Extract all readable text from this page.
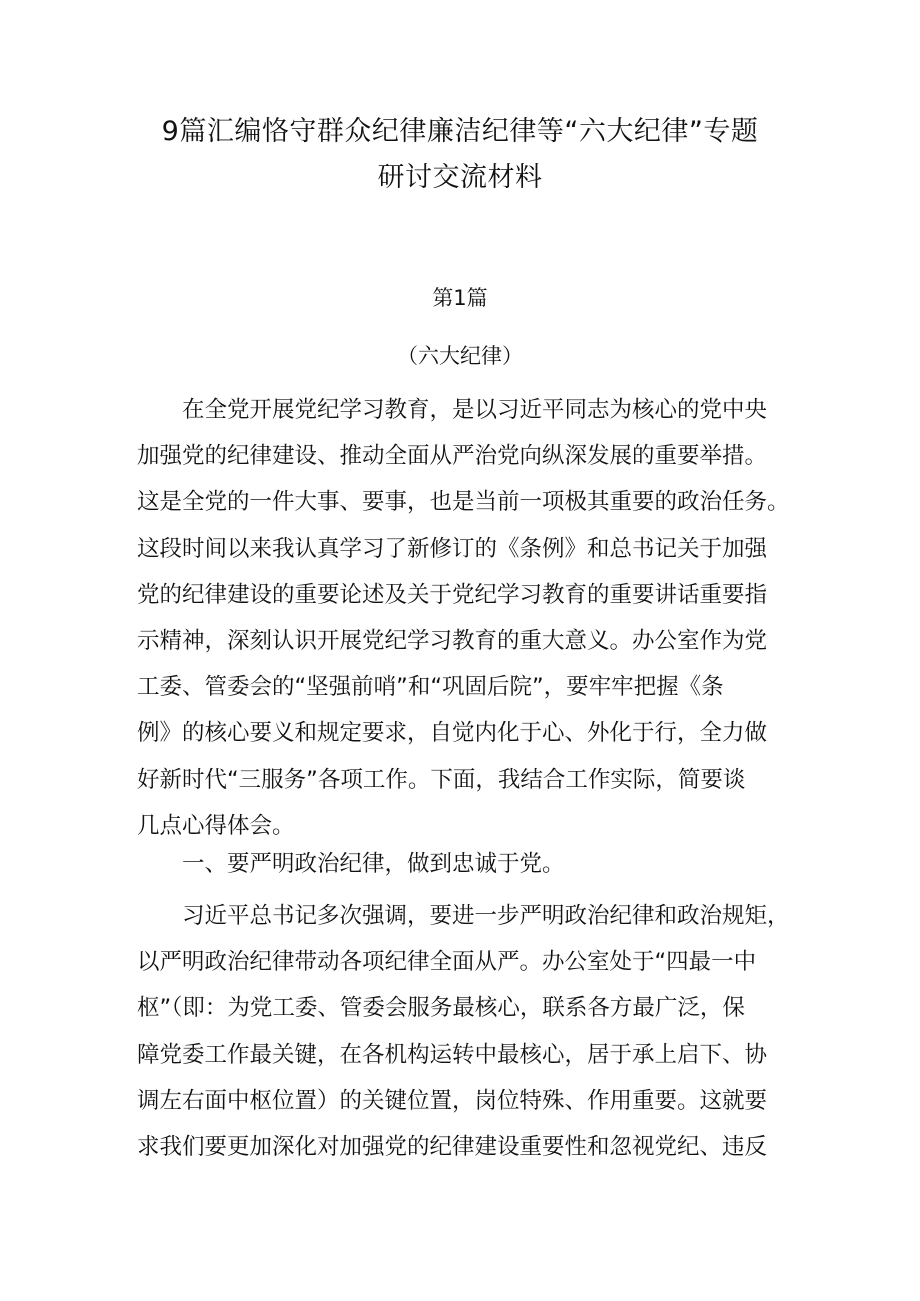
9篇汇编恪守群众纪律廉洁纪律等“六大纪律”专题
研讨交流材料
第1篇
（六大纪律）
在全党开展党纪学习教育，是以习近平同志为核心的党中央
加强党的纪律建设、推动全面从严治党向纵深发展的重要举措。
这是全党的一件大事、要事，也是当前一项极其重要的政治任务。
这段时间以来我认真学习了新修订的《条例》和总书记关于加强
党的纪律建设的重要论述及关于党纪学习教育的重要讲话重要指
示精神，深刻认识开展党纪学习教育的重大意义。办公室作为党
工委、管委会的“坚强前哨”和“巩固后院”，要牢牢把握《条
例》的核心要义和规定要求，自觉内化于心、外化于行，全力做
好新时代“三服务”各项工作。下面，我结合工作实际，简要谈
几点心得体会。
一、要严明政治纪律，做到忠诚于党。
习近平总书记多次强调，要进一步严明政治纪律和政治规矩，
以严明政治纪律带动各项纪律全面从严。办公室处于“四最一中
枢”（即：为党工委、管委会服务最核心，联系各方最广泛，保
障党委工作最关键，在各机构运转中最核心，居于承上启下、协
调左右面中枢位置）的关键位置，岗位特殊、作用重要。这就要
求我们要更加深化对加强党的纪律建设重要性和忽视党纪、违反
